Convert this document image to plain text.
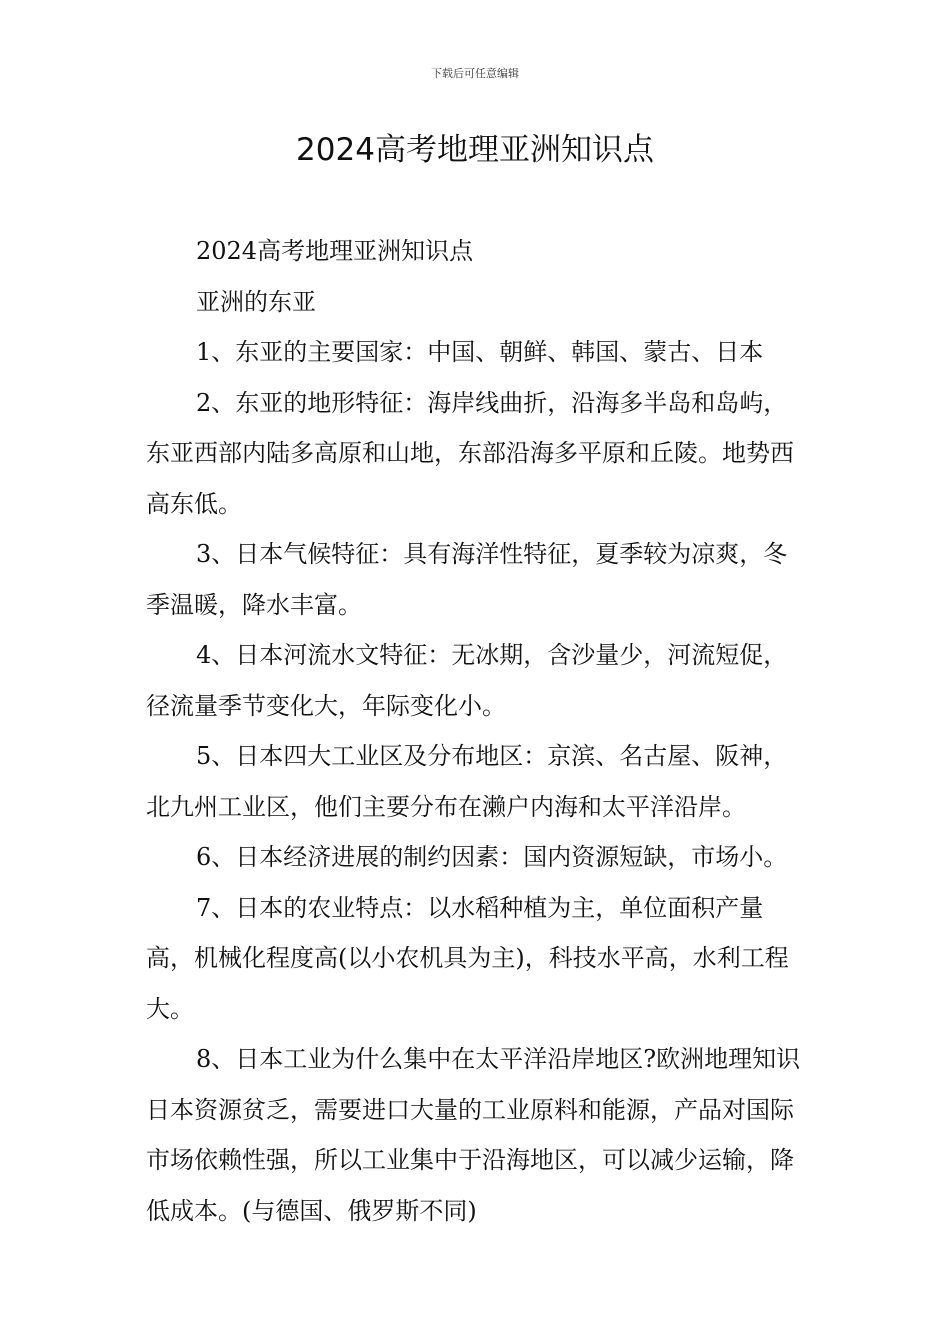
下载后可任意编辑
2024高考地理亚洲知识点

2024高考地理亚洲知识点

亚洲的东亚

1、东亚的主要国家：中国、朝鲜、韩国、蒙古、日本

2、东亚的地形特征：海岸线曲折，沿海多半岛和岛屿，东亚西部内陆多高原和山地，东部沿海多平原和丘陵。地势西高东低。

3、日本气候特征：具有海洋性特征，夏季较为凉爽，冬季温暖，降水丰富。

4、日本河流水文特征：无冰期，含沙量少，河流短促，径流量季节变化大，年际变化小。

5、日本四大工业区及分布地区：京滨、名古屋、阪神，北九州工业区，他们主要分布在濑户内海和太平洋沿岸。

6、日本经济进展的制约因素：国内资源短缺，市场小。

7、日本的农业特点：以水稻种植为主，单位面积产量高，机械化程度高(以小农机具为主)，科技水平高，水利工程大。

8、日本工业为什么集中在太平洋沿岸地区?欧洲地理知识日本资源贫乏，需要进口大量的工业原料和能源，产品对国际市场依赖性强，所以工业集中于沿海地区，可以减少运输，降低成本。(与德国、俄罗斯不同)
